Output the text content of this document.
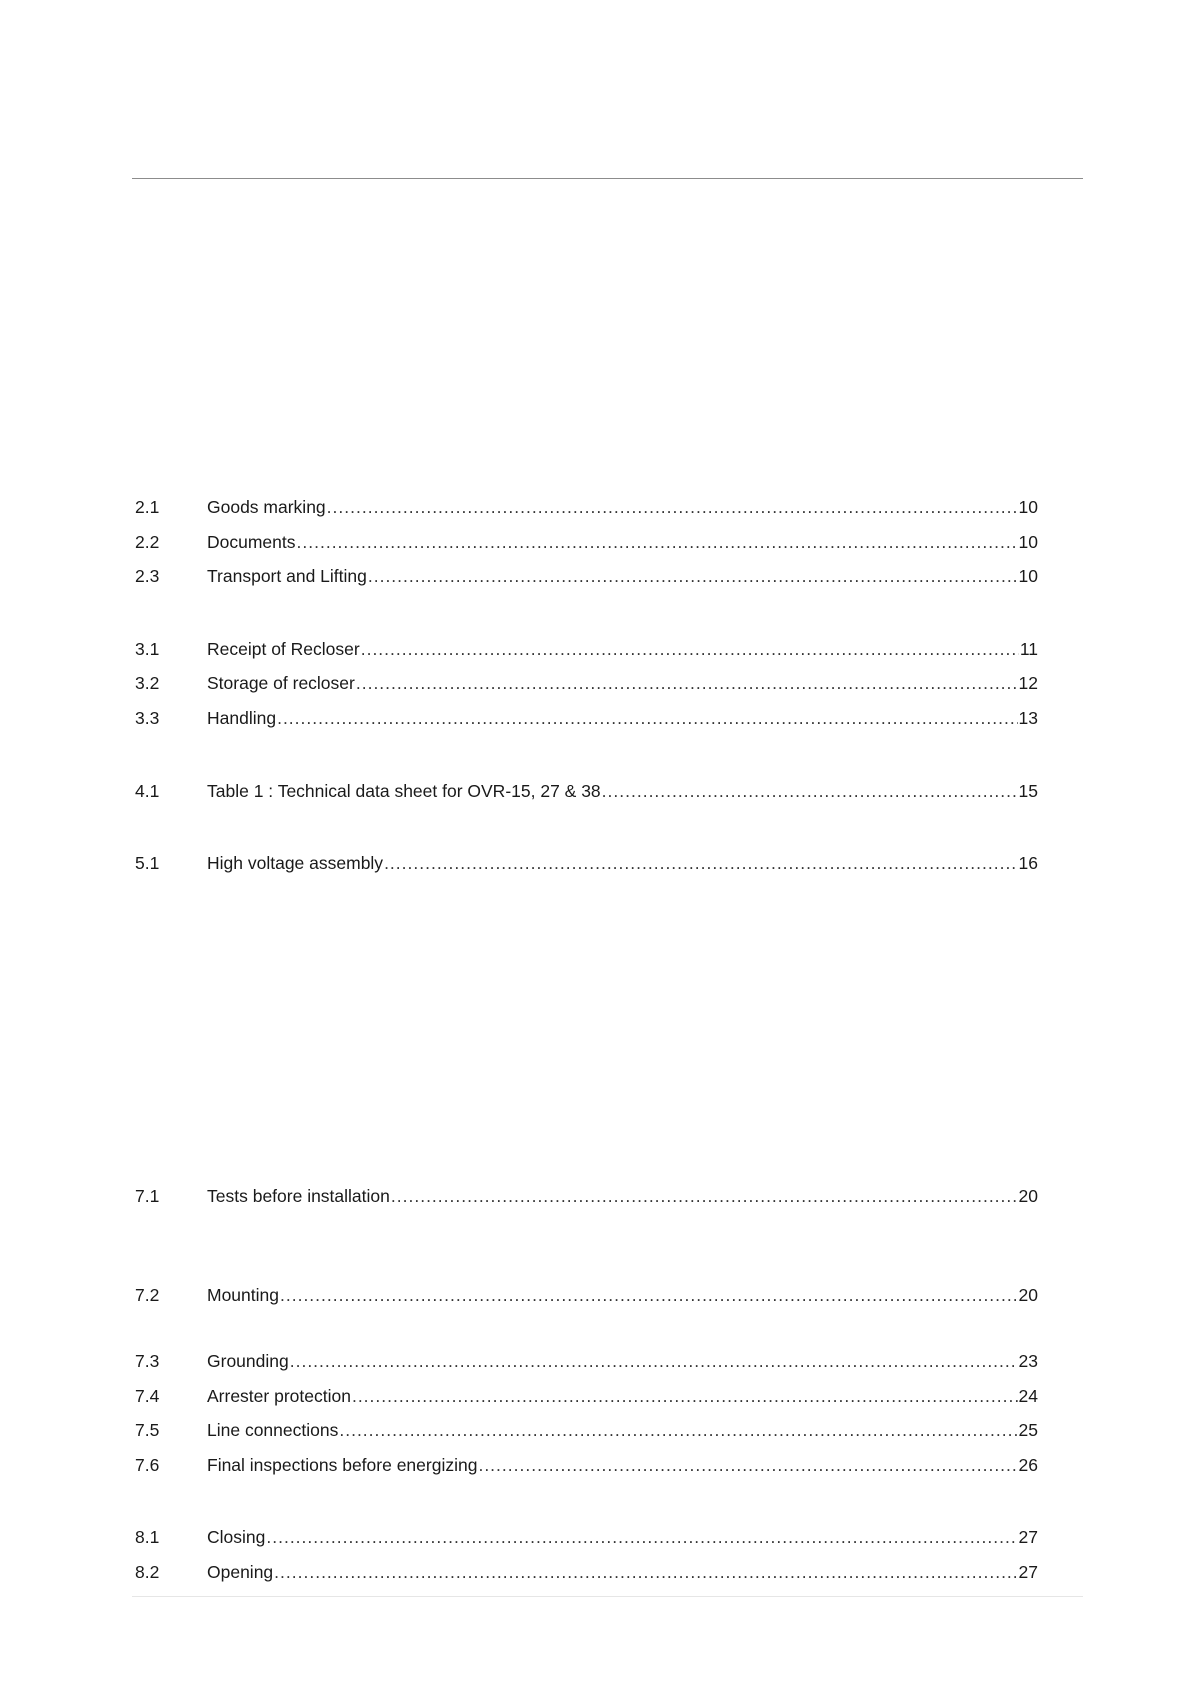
2.1	Goods marking .....	10
2.2	Documents .....	10
2.3	Transport and Lifting .....	10
3.1	Receipt of Recloser .....	11
3.2	Storage of recloser .....	12
3.3	Handling .....	13
4.1	Table 1 : Technical data sheet for OVR-15, 27 & 38 .....	15
5.1	High voltage assembly .....	16
7.1	Tests before installation .....	20
7.2	Mounting .....	20
7.3	Grounding .....	23
7.4	Arrester protection .....	24
7.5	Line connections .....	25
7.6	Final inspections before energizing .....	26
8.1	Closing .....	27
8.2	Opening .....	27
